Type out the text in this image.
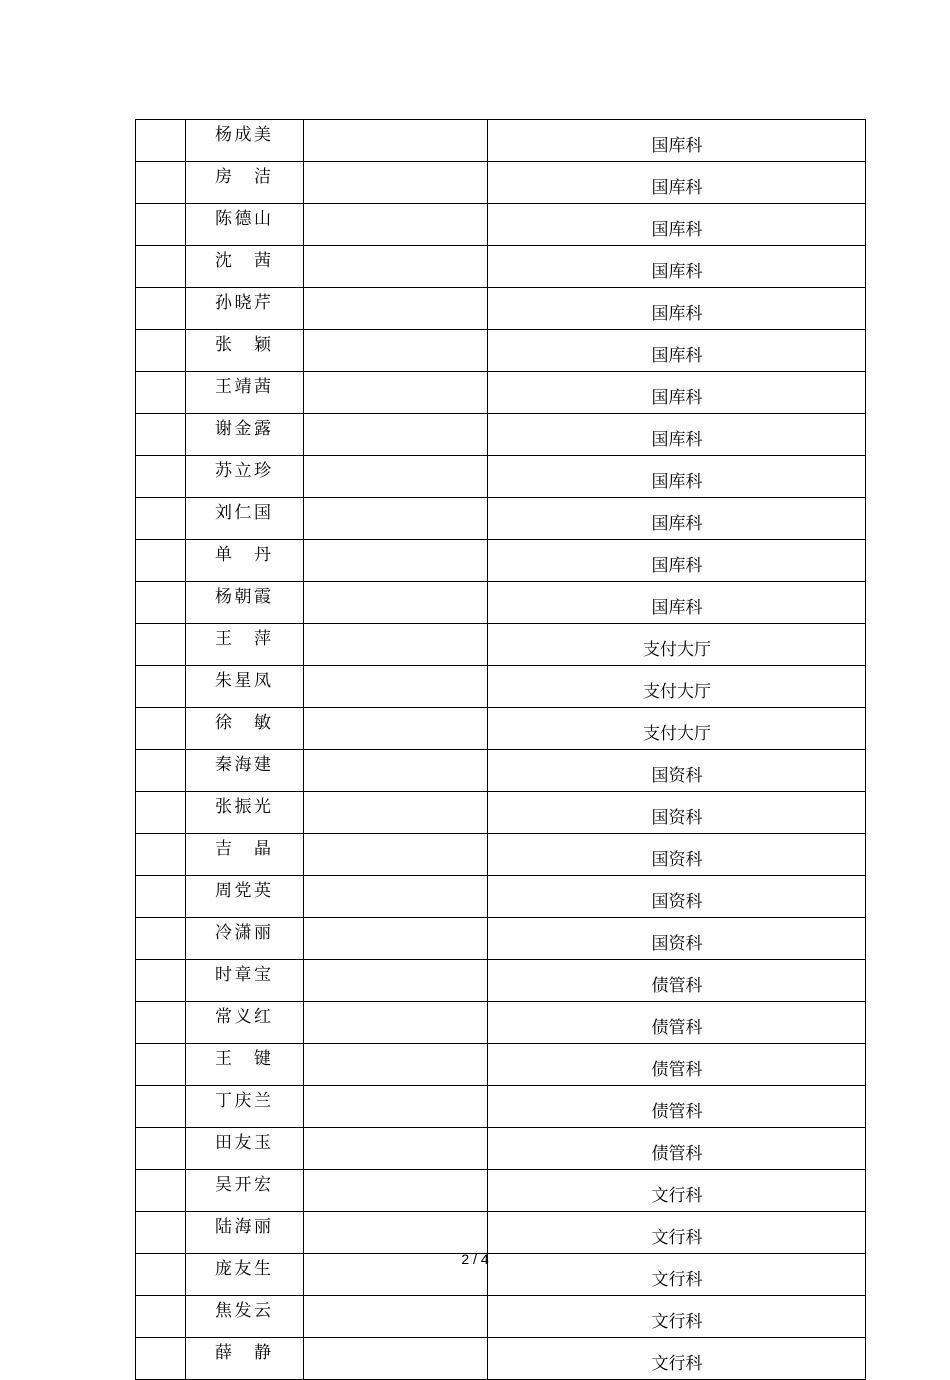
	杨成美		国库科
	房洁		国库科
	陈德山		国库科
	沈茜		国库科
	孙晓芹		国库科
	张颖		国库科
	王靖茜		国库科
	谢金露		国库科
	苏立珍		国库科
	刘仁国		国库科
	单丹		国库科
	杨朝霞		国库科
	王萍		支付大厅
	朱星凤		支付大厅
	徐敏		支付大厅
	秦海建		国资科
	张振光		国资科
	吉晶		国资科
	周党英		国资科
	冷潇丽		国资科
	时章宝		债管科
	常义红		债管科
	王键		债管科
	丁庆兰		债管科
	田友玉		债管科
	吴开宏		文行科
	陆海丽		文行科
	庞友生		文行科
	焦发云		文行科
	薛静		文行科
2 / 4
